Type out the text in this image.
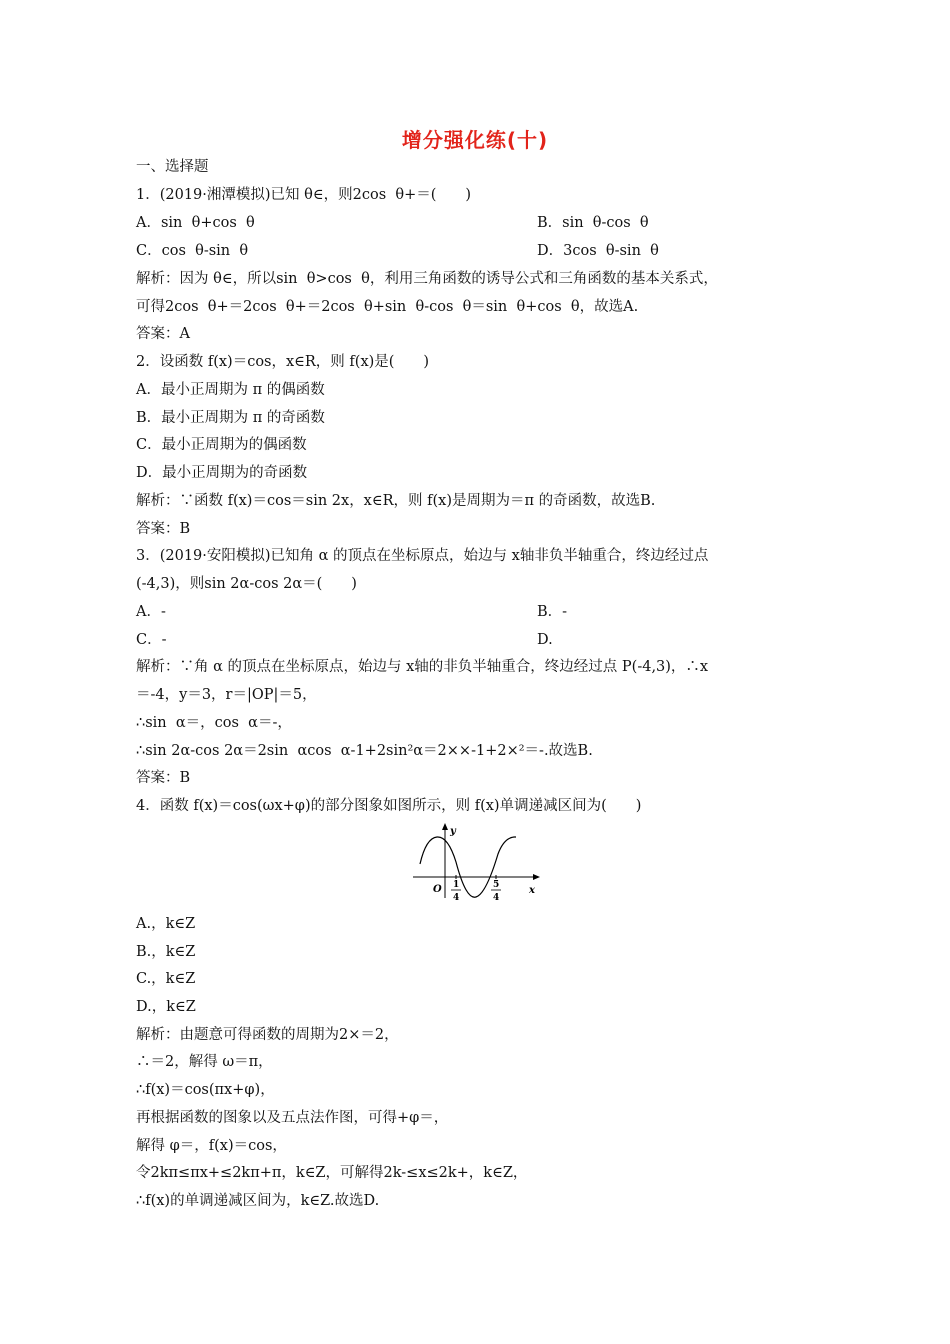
增分强化练(十)
一、选择题
1．(2019·湘潭模拟)已知 θ∈，则2cos  θ+＝(　　)
A．sin  θ+cos  θ	B．sin  θ-cos  θ
C．cos  θ-sin  θ	D．3cos  θ-sin  θ
解析：因为 θ∈，所以sin  θ>cos  θ，利用三角函数的诱导公式和三角函数的基本关系式，
可得2cos  θ+＝2cos  θ+＝2cos  θ+sin  θ-cos  θ＝sin  θ+cos  θ，故选A.
答案：A
2．设函数 f(x)＝cos，x∈R，则 f(x)是(　　)
A．最小正周期为 π 的偶函数
B．最小正周期为 π 的奇函数
C．最小正周期为的偶函数
D．最小正周期为的奇函数
解析：∵函数 f(x)＝cos＝sin 2x，x∈R，则 f(x)是周期为＝π 的奇函数，故选B.
答案：B
3．(2019·安阳模拟)已知角 α 的顶点在坐标原点，始边与 x轴非负半轴重合，终边经过点
(-4,3)，则sin 2α-cos 2α＝(　　)
A．-	B．-
C．-	D.
解析：∵角 α 的顶点在坐标原点，始边与 x轴的非负半轴重合，终边经过点 P(-4,3)，∴x
＝-4，y＝3，r＝|OP|＝5，
∴sin  α＝，cos  α＝-，
∴sin 2α-cos 2α＝2sin  αcos  α-1+2sin²α＝2××-1+2×²＝-.故选B.
答案：B
4．函数 f(x)＝cos(ωx+φ)的部分图象如图所示，则 f(x)单调递减区间为(　　)
y
x
O 1
4
5
4
A.，k∈Z
B.，k∈Z
C.，k∈Z
D.，k∈Z
解析：由题意可得函数的周期为2×＝2，
∴＝2，解得 ω＝π，
∴f(x)＝cos(πx+φ)，
再根据函数的图象以及五点法作图，可得+φ＝，
解得 φ＝，f(x)＝cos，
令2kπ≤πx+≤2kπ+π，k∈Z，可解得2k-≤x≤2k+，k∈Z，
∴f(x)的单调递减区间为，k∈Z.故选D.
